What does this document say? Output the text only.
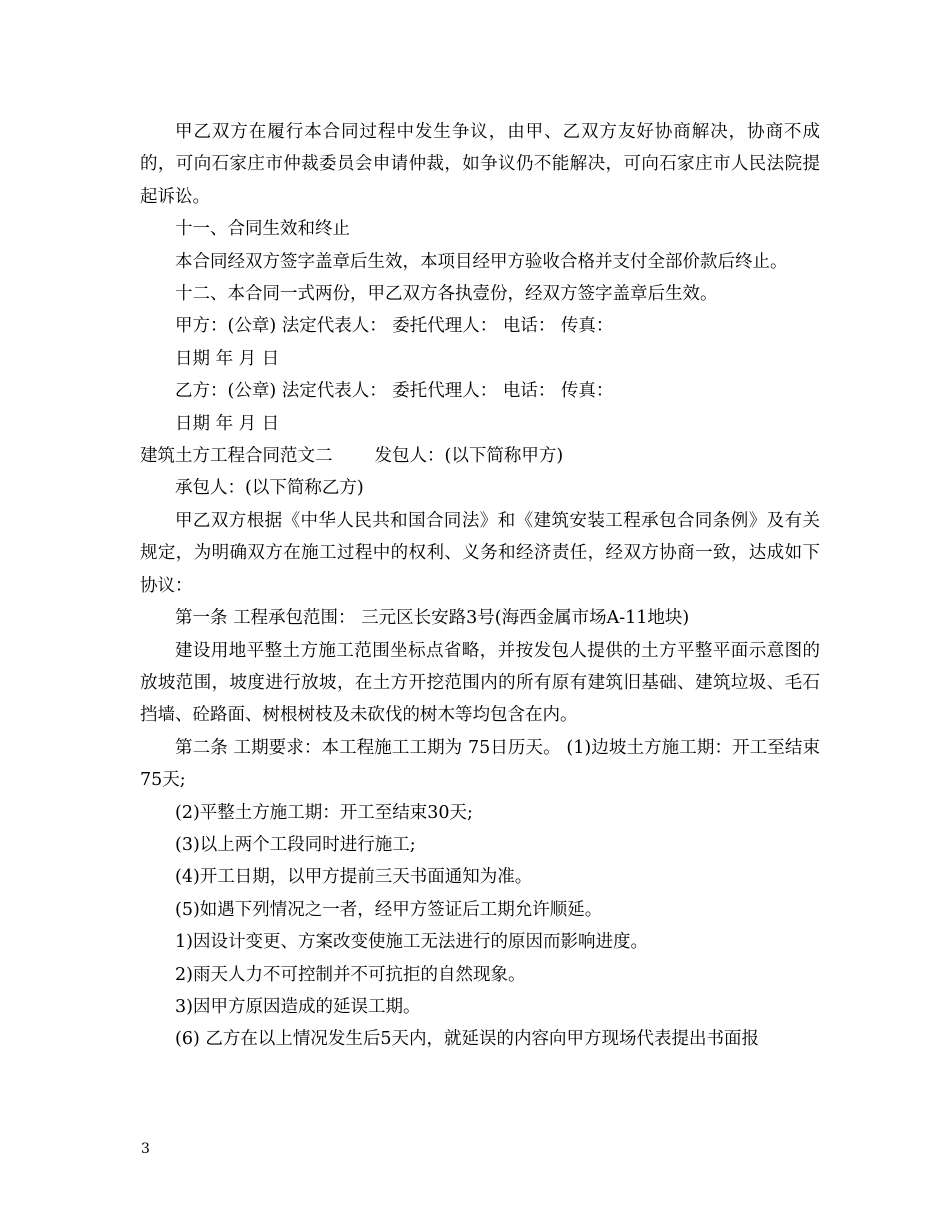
甲乙双方在履行本合同过程中发生争议，由甲、乙双方友好协商解决，协商不成的，可向石家庄市仲裁委员会申请仲裁，如争议仍不能解决，可向石家庄市人民法院提起诉讼。

十一、合同生效和终止

本合同经双方签字盖章后生效，本项目经甲方验收合格并支付全部价款后终止。

十二、本合同一式两份，甲乙双方各执壹份，经双方签字盖章后生效。

甲方：(公章) 法定代表人： 委托代理人： 电话： 传真：

日期 年 月 日

乙方：(公章) 法定代表人： 委托代理人： 电话： 传真：

日期 年 月 日

建筑土方工程合同范文二 发包人：(以下简称甲方)

承包人：(以下简称乙方)

甲乙双方根据《中华人民共和国合同法》和《建筑安装工程承包合同条例》及有关规定，为明确双方在施工过程中的权利、义务和经济责任，经双方协商一致，达成如下协议：

第一条 工程承包范围： 三元区长安路3号(海西金属市场A-11地块)

建设用地平整土方施工范围坐标点省略，并按发包人提供的土方平整平面示意图的放坡范围，坡度进行放坡，在土方开挖范围内的所有原有建筑旧基础、建筑垃圾、毛石挡墙、砼路面、树根树枝及未砍伐的树木等均包含在内。

第二条 工期要求：本工程施工工期为 75日历天。 (1)边坡土方施工期：开工至结束75天;

(2)平整土方施工期：开工至结束30天;

(3)以上两个工段同时进行施工;

(4)开工日期，以甲方提前三天书面通知为准。

(5)如遇下列情况之一者，经甲方签证后工期允许顺延。

1)因设计变更、方案改变使施工无法进行的原因而影响进度。

2)雨天人力不可控制并不可抗拒的自然现象。

3)因甲方原因造成的延误工期。

(6) 乙方在以上情况发生后5天内，就延误的内容向甲方现场代表提出书面报

3
